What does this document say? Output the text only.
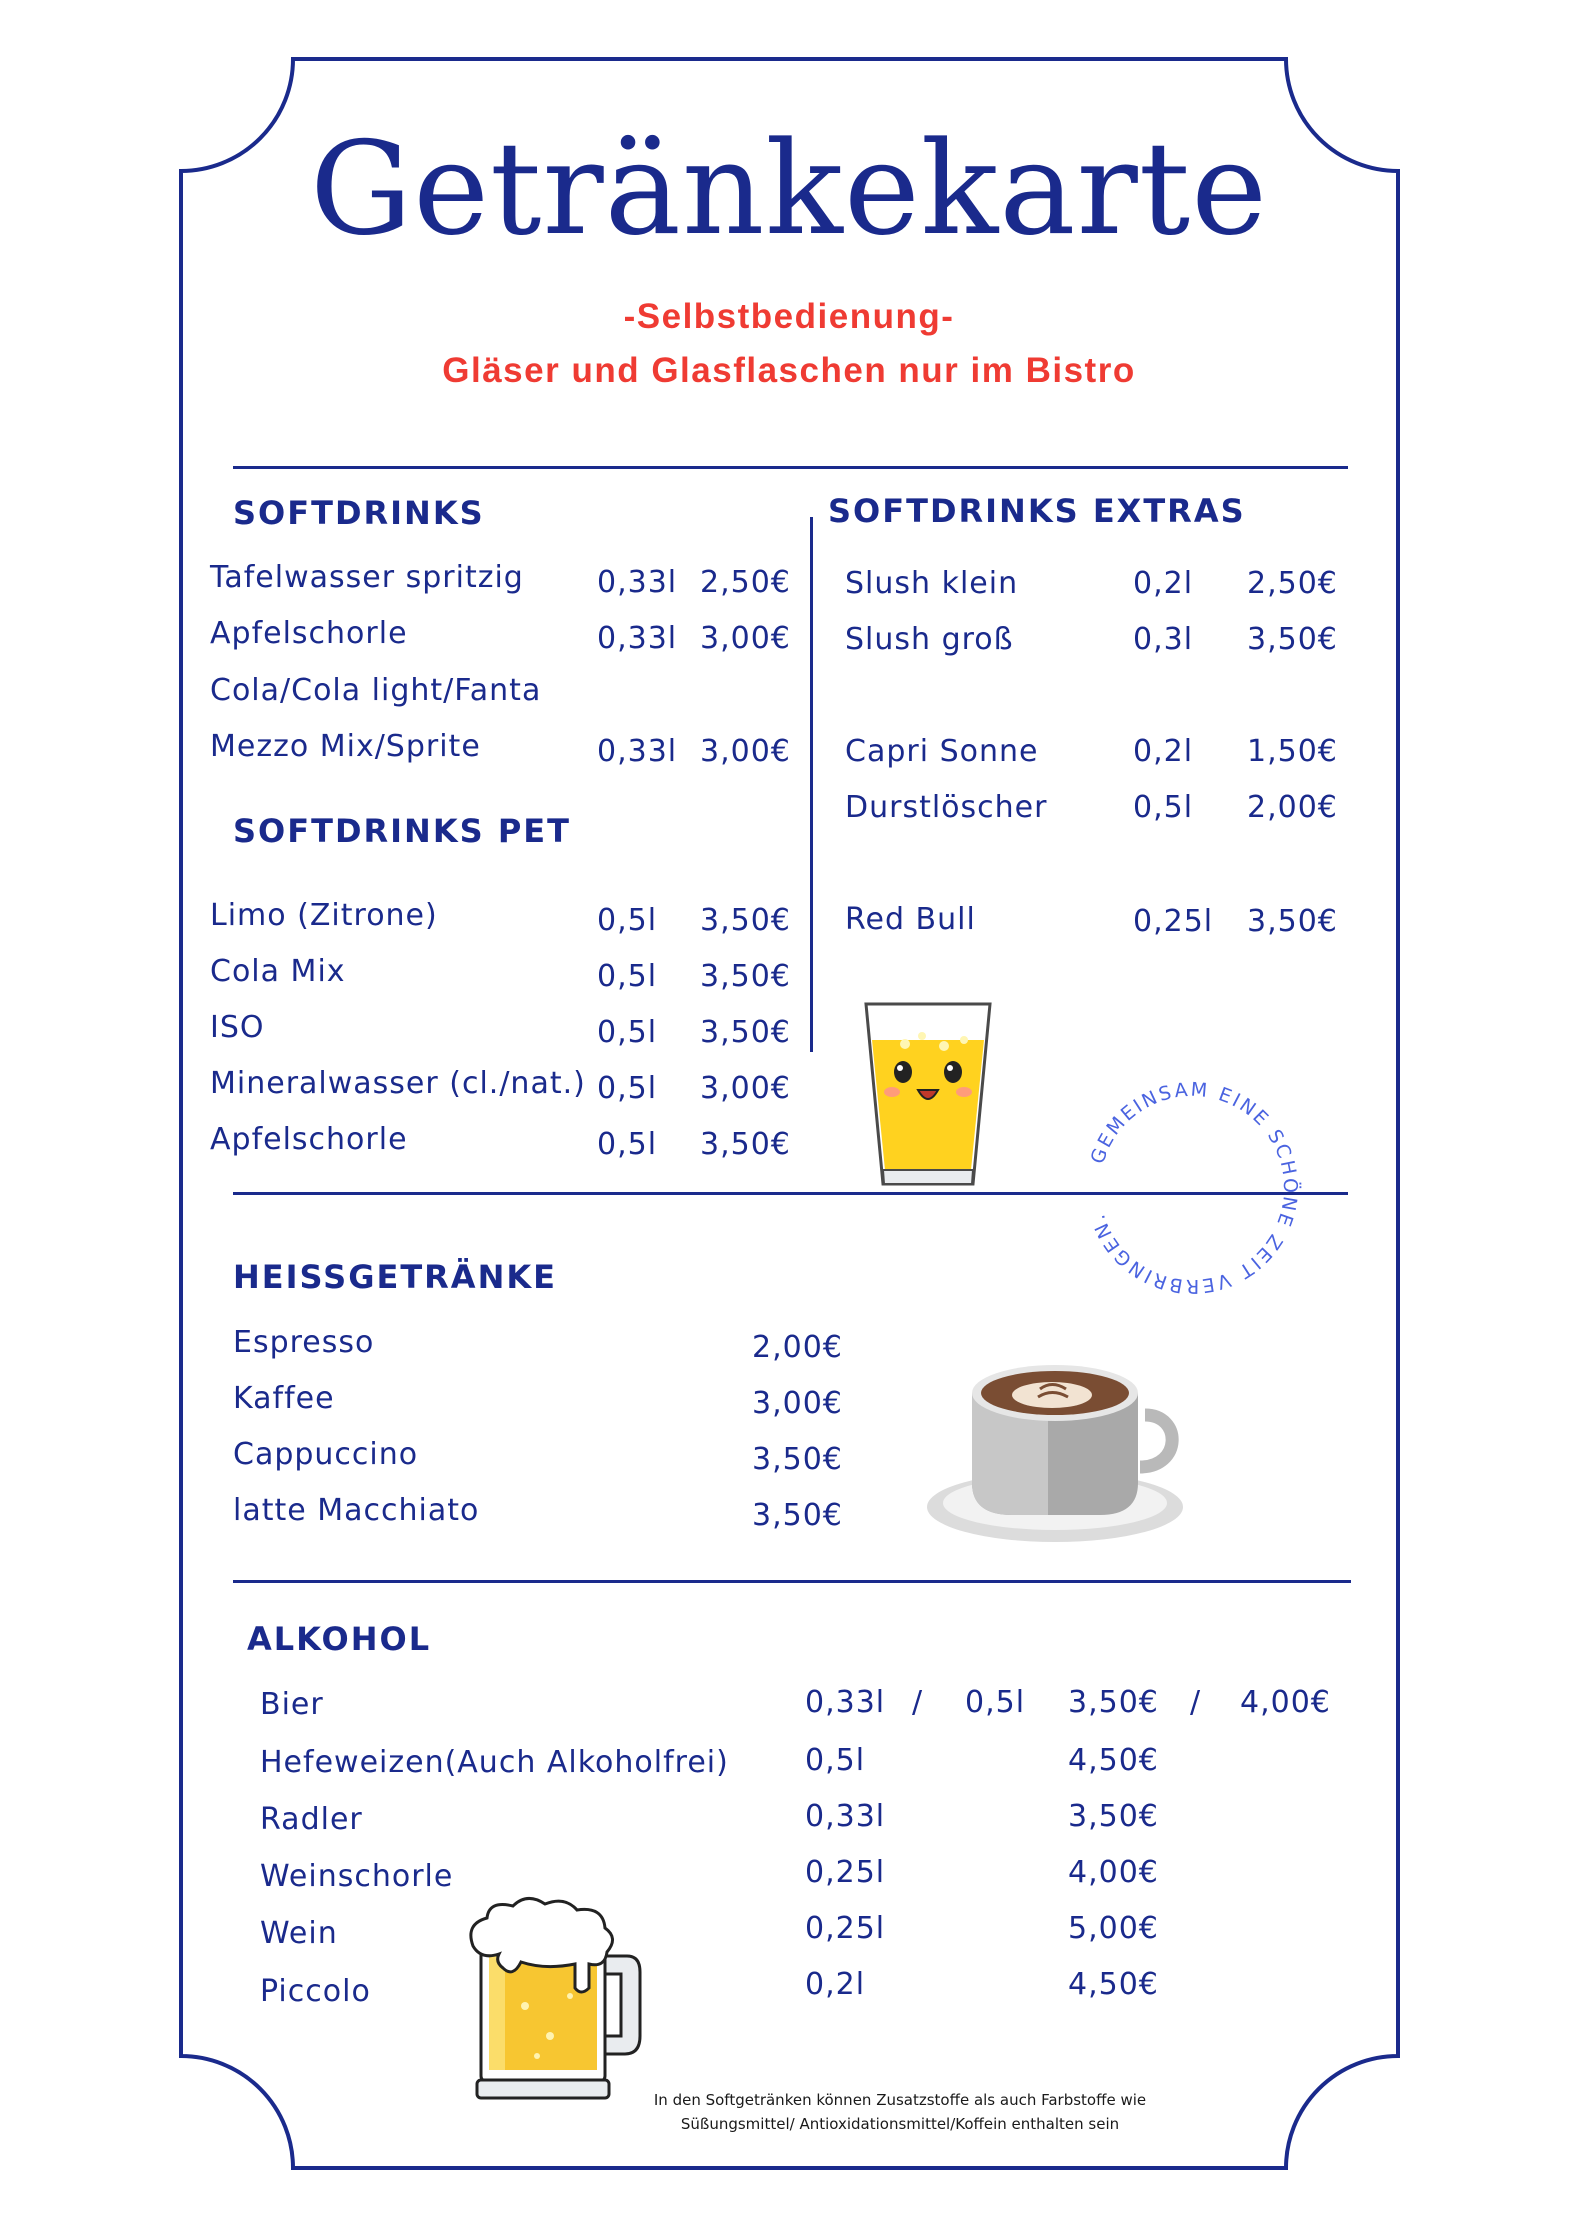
Getränkekarte
-Selbstbedienung-
Gläser und Glasflaschen nur im Bistro
SOFTDRINKS
Tafelwasser spritzig 0,33l 2,50€
Apfelschorle	0,33l 3,00€
Cola/Cola light/Fanta
Mezzo Mix/Sprite	0,33l 3,00€
SOFTDRINKS PET
Limo (Zitrone)	0,5l 3,50€
Cola Mix	0,5l 3,50€
ISO	0,5l 3,50€
Mineralwasser (cl./nat.) 0,5l 3,00€
Apfelschorle	0,5l 3,50€
SOFTDRINKS EXTRAS
Slush klein	0,2l 2,50€
Slush groß	0,3l 3,50€
Capri Sonne	0,2l 1,50€
Durstlöscher	0,5l 2,00€
Red Bull	0,25l 3,50€
GEMEINSAM EINE SCHÖNE ZEIT VERBRINGEN.
HEISSGETRÄNKE
Espresso	2,00€
Kaffee	3,00€
Cappuccino	3,50€
latte Macchiato	3,50€
ALKOHOL
Bier	0,33l / 0,5l 3,50€ / 4,00€
Hefeweizen(Auch Alkoholfrei)	0,5l	4,50€
Radler	0,33l	3,50€
Weinschorle	0,25l	4,00€
Wein	0,25l	5,00€
Piccolo	0,2l	4,50€
In den Softgetränken können Zusatzstoffe als auch Farbstoffe wie
Süßungsmittel/ Antioxidationsmittel/Koffein enthalten sein
